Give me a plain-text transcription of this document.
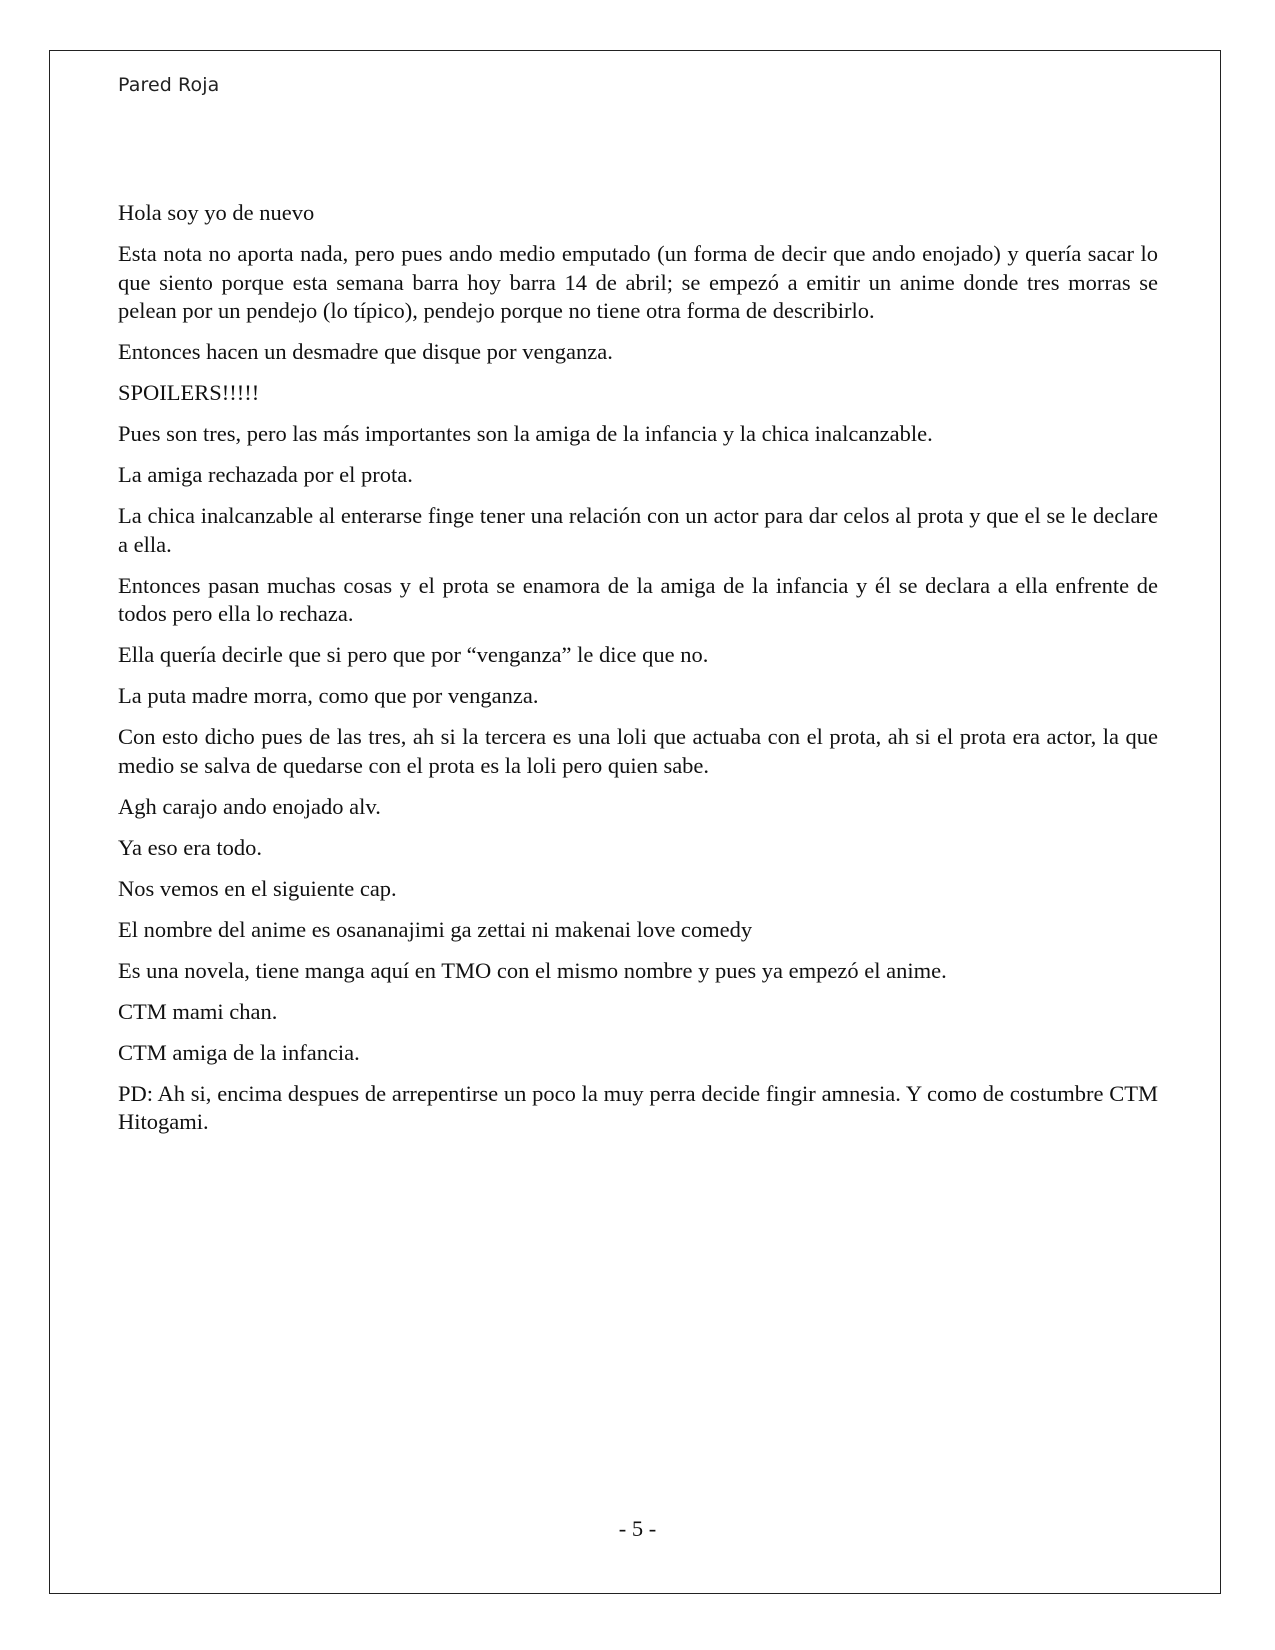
Pared Roja

Hola soy yo de nuevo

Esta nota no aporta nada, pero pues ando medio emputado (un forma de decir que ando enojado) y quería sacar lo que siento porque esta semana barra hoy barra 14 de abril; se empezó a emitir un anime donde tres morras se pelean por un pendejo (lo típico), pendejo porque no tiene otra forma de describirlo.

Entonces hacen un desmadre que disque por venganza.

SPOILERS!!!!!

Pues son tres, pero las más importantes son la amiga de la infancia y la chica inalcanzable.

La amiga rechazada por el prota.

La chica inalcanzable al enterarse finge tener una relación con un actor para dar celos al prota y que el se le declare a ella.

Entonces pasan muchas cosas y el prota se enamora de la amiga de la infancia y él se declara a ella enfrente de todos pero ella lo rechaza.

Ella quería decirle que si pero que por “venganza” le dice que no.

La puta madre morra, como que por venganza.

Con esto dicho pues de las tres, ah si la tercera es una loli que actuaba con el prota, ah si el prota era actor, la que medio se salva de quedarse con el prota es la loli pero quien sabe.

Agh carajo ando enojado alv.

Ya eso era todo.

Nos vemos en el siguiente cap.

El nombre del anime es osananajimi ga zettai ni makenai love comedy

Es una novela, tiene manga aquí en TMO con el mismo nombre y pues ya empezó el anime.

CTM mami chan.

CTM amiga de la infancia.

PD: Ah si, encima despues de arrepentirse un poco la muy perra decide fingir amnesia. Y como de costumbre CTM Hitogami.

- 5 -
